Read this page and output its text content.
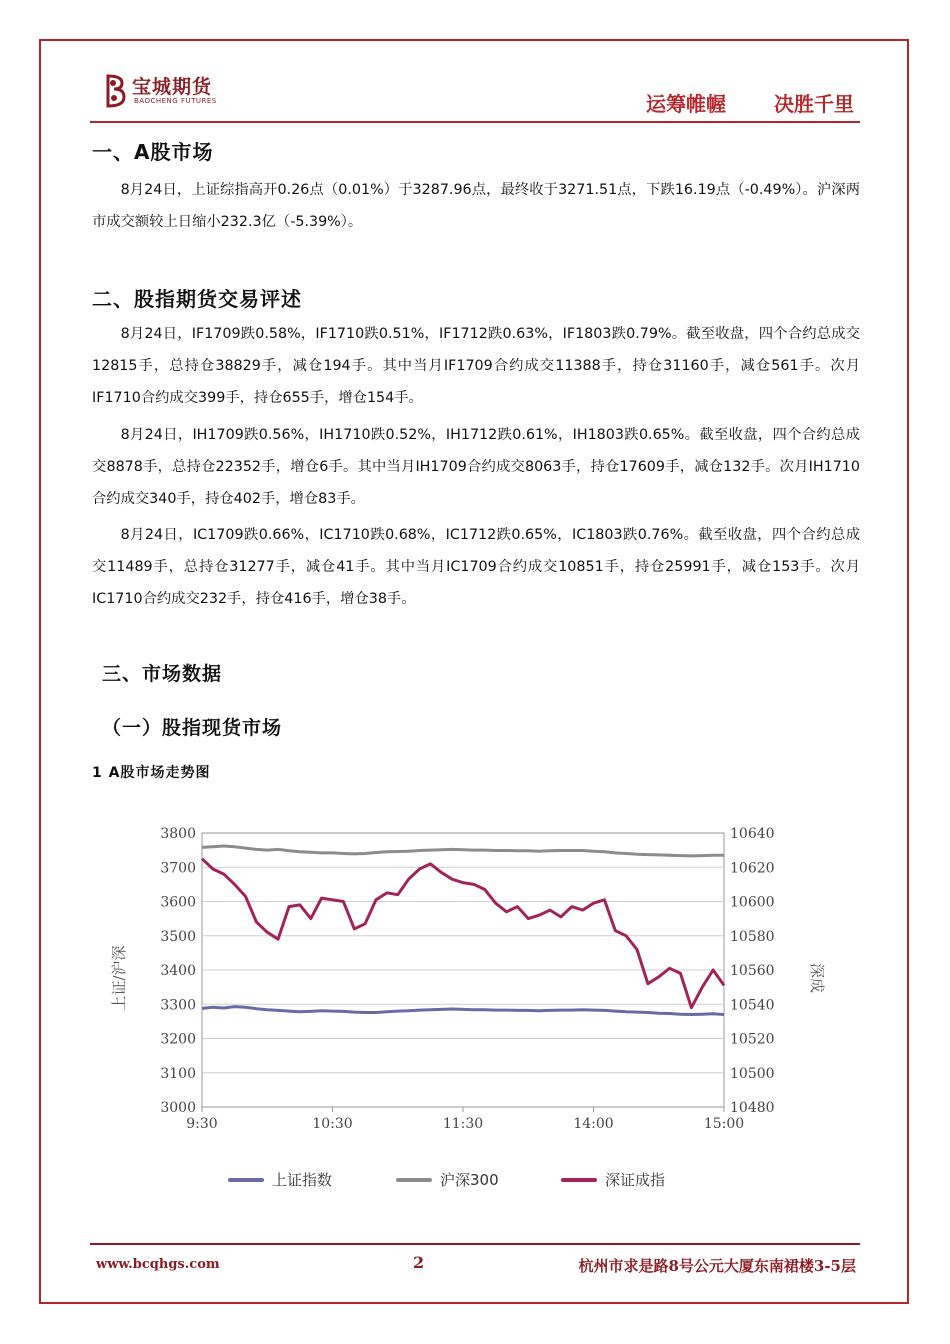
宝城期货
BAOCHENG FUTURES	运筹帷幄 决胜千里
一、A股市场

8月24日，上证综指高开0.26点（0.01%）于3287.96点，最终收于3271.51点，下跌16.19点（-0.49%）。沪深两市成交额较上日缩小232.3亿（-5.39%）。

二、股指期货交易评述

8月24日，IF1709跌0.58%，IF1710跌0.51%，IF1712跌0.63%，IF1803跌0.79%。截至收盘，四个合约总成交12815手，总持仓38829手，减仓194手。其中当月IF1709合约成交11388手，持仓31160手，减仓561手。次月IF1710合约成交399手，持仓655手，增仓154手。

8月24日，IH1709跌0.56%，IH1710跌0.52%，IH1712跌0.61%，IH1803跌0.65%。截至收盘，四个合约总成交8878手，总持仓22352手，增仓6手。其中当月IH1709合约成交8063手，持仓17609手，减仓132手。次月IH1710合约成交340手，持仓402手，增仓83手。

8月24日，IC1709跌0.66%，IC1710跌0.68%，IC1712跌0.65%，IC1803跌0.76%。截至收盘，四个合约总成交11489手，总持仓31277手，减仓41手。其中当月IC1709合约成交10851手，持仓25991手，减仓153手。次月IC1710合约成交232手，持仓416手，增仓38手。

三、市场数据
（一）股指现货市场
1 A股市场走势图
3000
3100
3200
3300
3400
3500
3600
3700
3800
10480
10500
10520
10540
10560
10580
10600
10620
10640
9:30	10:30	11:30	14:00	15:00
上证/沪深	深成
上证指数	沪深300	深证成指
www.bcqhgs.com	2	杭州市求是路8号公元大厦东南裙楼3-5层
